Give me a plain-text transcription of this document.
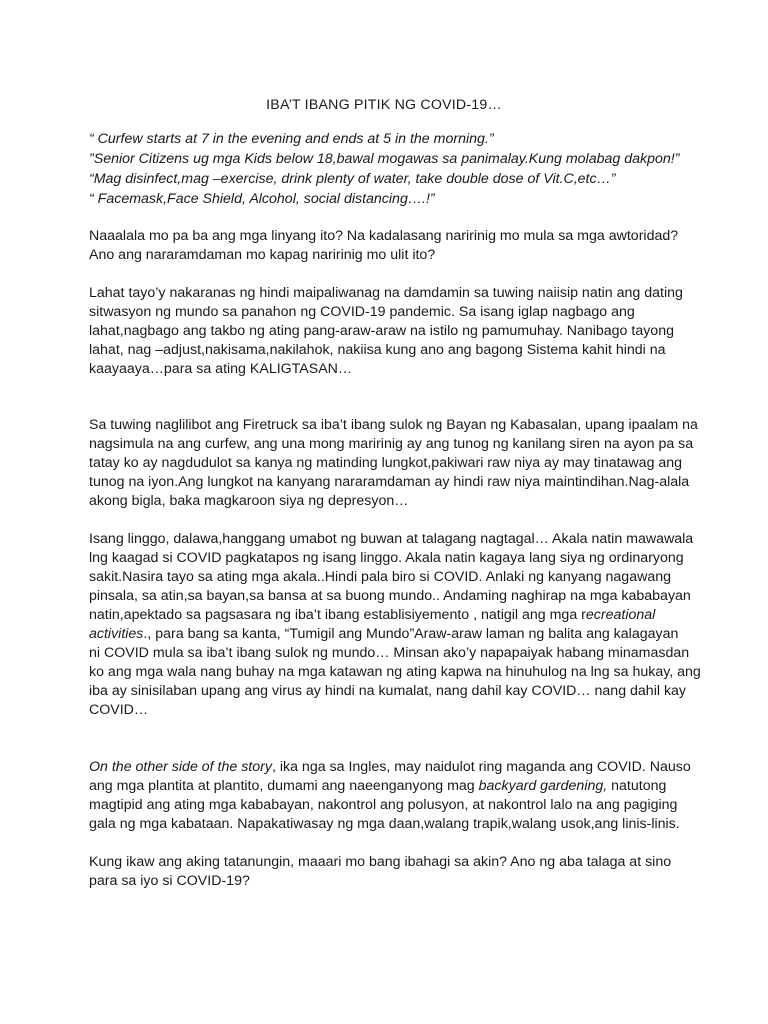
IBA’T IBANG PITIK NG COVID-19…
“ Curfew starts at 7 in the evening and ends at 5 in the morning.”
”Senior Citizens ug mga Kids below 18,bawal mogawas sa panimalay.Kung molabag dakpon!”
“Mag disinfect,mag –exercise, drink plenty of water, take double dose of Vit.C,etc…”
“ Facemask,Face Shield, Alcohol, social distancing….!”
Naaalala mo pa ba ang mga linyang ito? Na kadalasang naririnig mo mula sa mga awtoridad?
Ano ang nararamdaman mo kapag naririnig mo ulit ito?
Lahat tayo’y nakaranas ng hindi maipaliwanag na damdamin sa tuwing naiisip natin ang dating
sitwasyon ng mundo sa panahon ng COVID-19 pandemic. Sa isang iglap nagbago ang
lahat,nagbago ang takbo ng ating pang-araw-araw na istilo ng pamumuhay. Nanibago tayong
lahat, nag –adjust,nakisama,nakilahok, nakiisa kung ano ang bagong Sistema kahit hindi na
kaayaaya…para sa ating KALIGTASAN…
Sa tuwing naglilibot ang Firetruck sa iba’t ibang sulok ng Bayan ng Kabasalan, upang ipaalam na
nagsimula na ang curfew, ang una mong maririnig ay ang tunog ng kanilang siren na ayon pa sa
tatay ko ay nagdudulot sa kanya ng matinding lungkot,pakiwari raw niya ay may tinatawag ang
tunog na iyon.Ang lungkot na kanyang nararamdaman ay hindi raw niya maintindihan.Nag-alala
akong bigla, baka magkaroon siya ng depresyon…
Isang linggo, dalawa,hanggang umabot ng buwan at talagang nagtagal… Akala natin mawawala
lng kaagad si COVID pagkatapos ng isang linggo. Akala natin kagaya lang siya ng ordinaryong
sakit.Nasira tayo sa ating mga akala..Hindi pala biro si COVID. Anlaki ng kanyang nagawang
pinsala, sa atin,sa bayan,sa bansa at sa buong mundo.. Andaming naghirap na mga kababayan
natin,apektado sa pagsasara ng iba’t ibang establisiyemento , natigil ang mga recreational
activities., para bang sa kanta, “Tumigil ang Mundo”Araw-araw laman ng balita ang kalagayan
ni COVID mula sa iba’t ibang sulok ng mundo… Minsan ako’y napapaiyak habang minamasdan
ko ang mga wala nang buhay na mga katawan ng ating kapwa na hinuhulog na lng sa hukay, ang
iba ay sinisilaban upang ang virus ay hindi na kumalat, nang dahil kay COVID… nang dahil kay
COVID…
On the other side of the story, ika nga sa Ingles, may naidulot ring maganda ang COVID. Nauso
ang mga plantita at plantito, dumami ang naeenganyong mag backyard gardening, natutong
magtipid ang ating mga kababayan, nakontrol ang polusyon, at nakontrol lalo na ang pagiging
gala ng mga kabataan. Napakatiwasay ng mga daan,walang trapik,walang usok,ang linis-linis.
Kung ikaw ang aking tatanungin, maaari mo bang ibahagi sa akin? Ano ng aba talaga at sino
para sa iyo si COVID-19?
